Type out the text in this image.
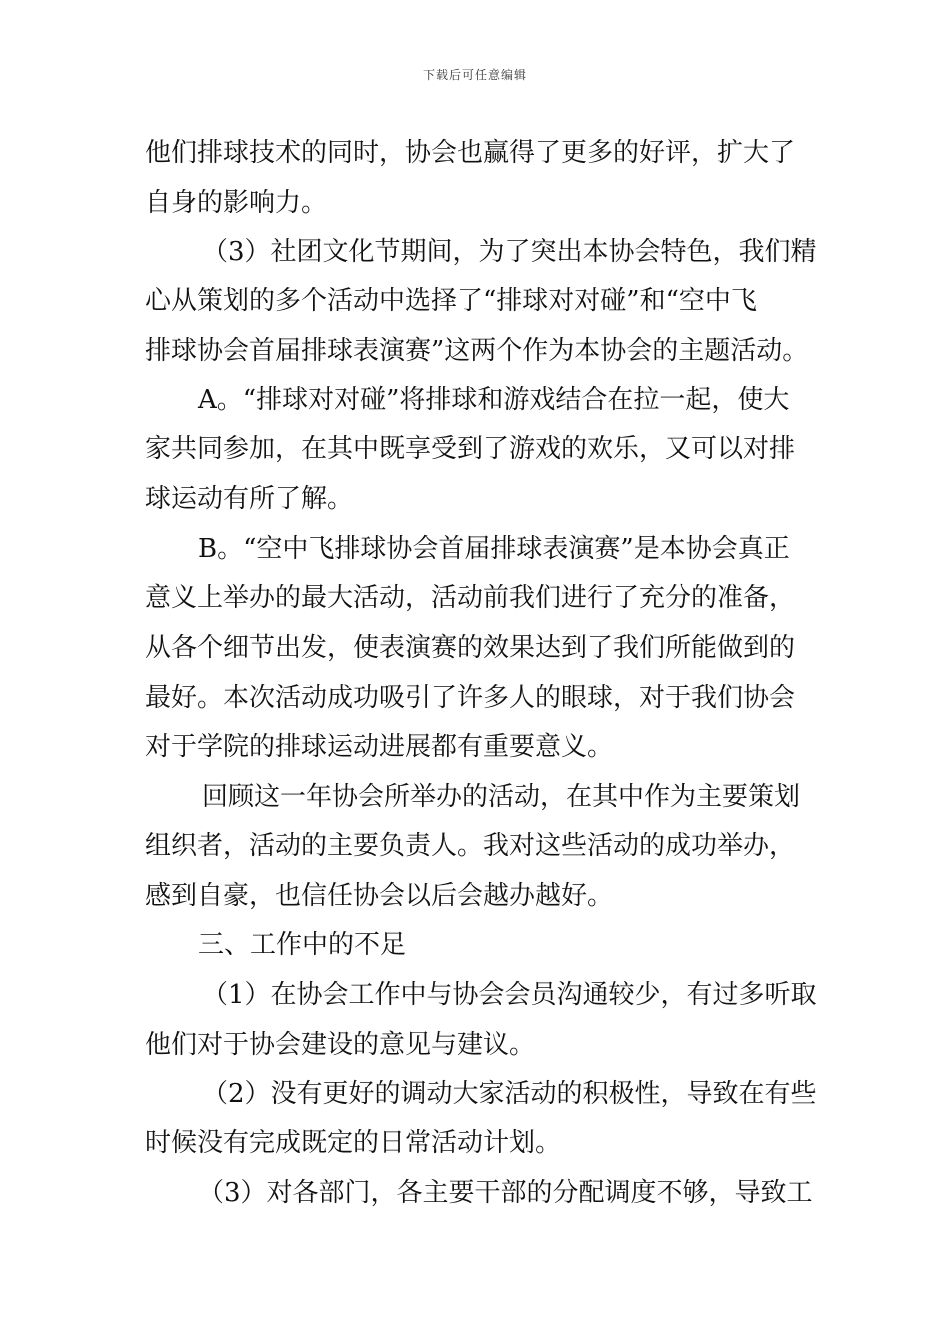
下载后可任意编辑
他们排球技术的同时，协会也赢得了更多的好评，扩大了
自身的影响力。
（3）社团文化节期间，为了突出本协会特色，我们精
心从策划的多个活动中选择了“排球对对碰”和“空中飞
排球协会首届排球表演赛”这两个作为本协会的主题活动。
A。“排球对对碰”将排球和游戏结合在拉一起，使大
家共同参加，在其中既享受到了游戏的欢乐，又可以对排
球运动有所了解。
B。“空中飞排球协会首届排球表演赛”是本协会真正
意义上举办的最大活动，活动前我们进行了充分的准备，
从各个细节出发，使表演赛的效果达到了我们所能做到的
最好。本次活动成功吸引了许多人的眼球，对于我们协会
对于学院的排球运动进展都有重要意义。
回顾这一年协会所举办的活动，在其中作为主要策划
组织者，活动的主要负责人。我对这些活动的成功举办，
感到自豪，也信任协会以后会越办越好。
三、工作中的不足
（1）在协会工作中与协会会员沟通较少，有过多听取
他们对于协会建设的意见与建议。
（2）没有更好的调动大家活动的积极性，导致在有些
时候没有完成既定的日常活动计划。
（3）对各部门，各主要干部的分配调度不够，导致工
